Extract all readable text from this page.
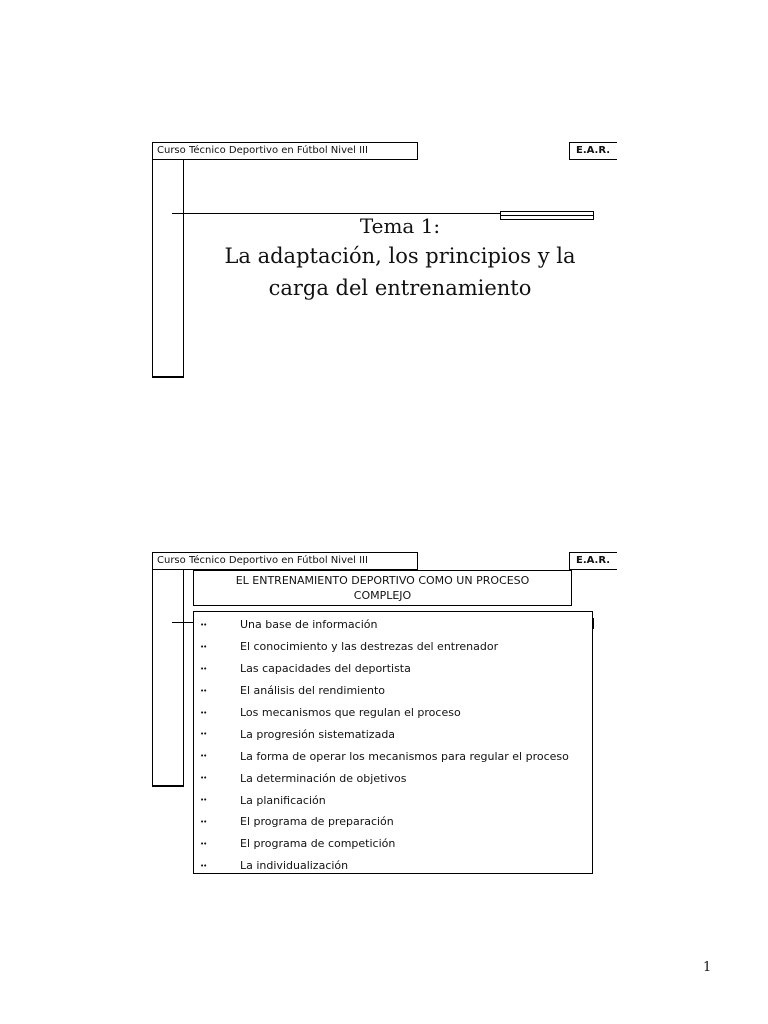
Curso Técnico Deportivo en Fútbol Nivel III	E.A.R.
Tema 1:
La adaptación, los principios y la
carga del entrenamiento
Curso Técnico Deportivo en Fútbol Nivel III	E.A.R.
EL ENTRENAMIENTO DEPORTIVO COMO UN PROCESO
COMPLEJO
••	Una base de información
••	El conocimiento y las destrezas del entrenador
••	Las capacidades del deportista
••	El análisis del rendimiento
••	Los mecanismos que regulan el proceso
••	La progresión sistematizada
••	La forma de operar los mecanismos para regular el proceso
••	La determinación de objetivos
••	La planificación
••	El programa de preparación
••	El programa de competición
••	La individualización
1
